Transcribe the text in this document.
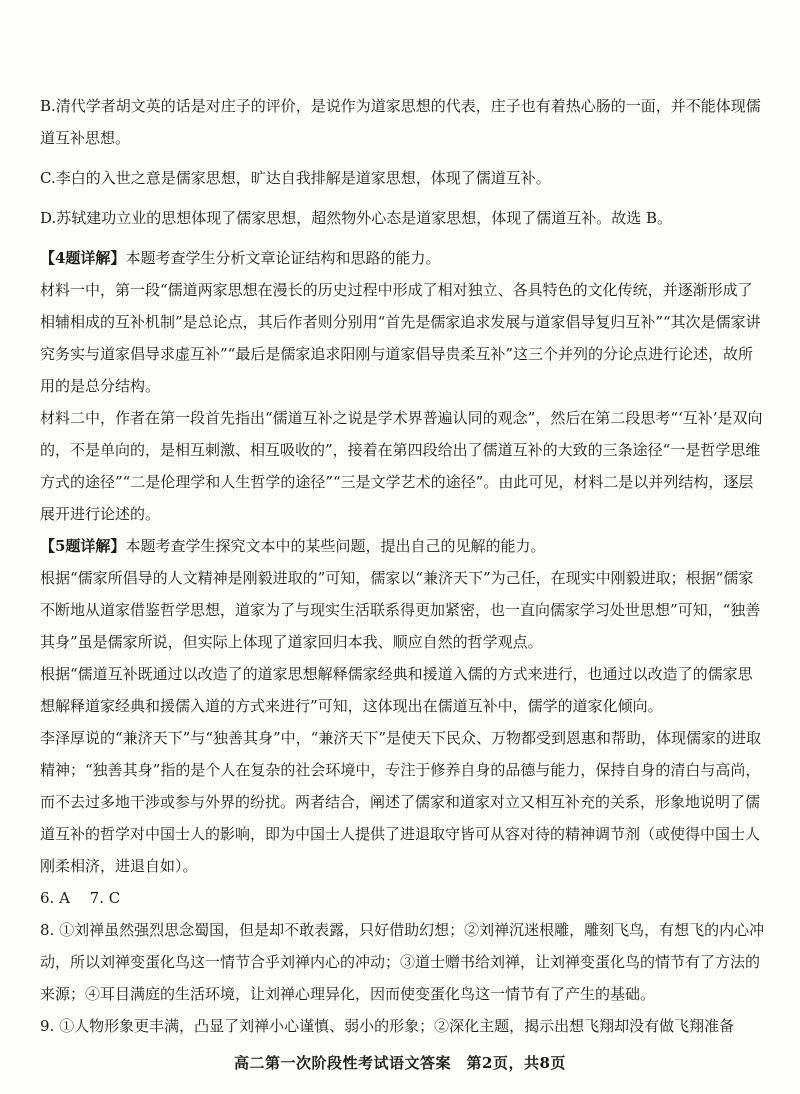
B.清代学者胡文英的话是对庄子的评价，是说作为道家思想的代表，庄子也有着热心肠的一面，并不能体现儒道互补思想。

C.李白的入世之意是儒家思想，旷达自我排解是道家思想，体现了儒道互补。

D.苏轼建功立业的思想体现了儒家思想，超然物外心态是道家思想，体现了儒道互补。故选 B。

【4题详解】本题考查学生分析文章论证结构和思路的能力。

材料一中，第一段“儒道两家思想在漫长的历史过程中形成了相对独立、各具特色的文化传统，并逐渐形成了相辅相成的互补机制”是总论点，其后作者则分别用“首先是儒家追求发展与道家倡导复归互补”“其次是儒家讲究务实与道家倡导求虚互补”“最后是儒家追求阳刚与道家倡导贵柔互补”这三个并列的分论点进行论述，故所用的是总分结构。

材料二中，作者在第一段首先指出“儒道互补之说是学术界普遍认同的观念”，然后在第二段思考“‘互补’是双向的，不是单向的，是相互刺激、相互吸收的”，接着在第四段给出了儒道互补的大致的三条途径“一是哲学思维方式的途径”“二是伦理学和人生哲学的途径”“三是文学艺术的途径”。由此可见，材料二是以并列结构，逐层展开进行论述的。

【5题详解】本题考查学生探究文本中的某些问题，提出自己的见解的能力。

根据“儒家所倡导的人文精神是刚毅进取的”可知，儒家以“兼济天下”为己任，在现实中刚毅进取；根据“儒家不断地从道家借鉴哲学思想，道家为了与现实生活联系得更加紧密，也一直向儒家学习处世思想”可知，“独善其身”虽是儒家所说，但实际上体现了道家回归本我、顺应自然的哲学观点。

根据“儒道互补既通过以改造了的道家思想解释儒家经典和援道入儒的方式来进行，也通过以改造了的儒家思想解释道家经典和援儒入道的方式来进行”可知，这体现出在儒道互补中，儒学的道家化倾向。

李泽厚说的“兼济天下”与“独善其身”中，“兼济天下”是使天下民众、万物都受到恩惠和帮助，体现儒家的进取精神；“独善其身”指的是个人在复杂的社会环境中，专注于修养自身的品德与能力，保持自身的清白与高尚，而不去过多地干涉或参与外界的纷扰。两者结合，阐述了儒家和道家对立又相互补充的关系，形象地说明了儒道互补的哲学对中国士人的影响，即为中国士人提供了进退取守皆可从容对待的精神调节剂（或使得中国士人刚柔相济，进退自如）。

6. A　 7. C

8. ①刘禅虽然强烈思念蜀国，但是却不敢表露，只好借助幻想；②刘禅沉迷根雕，雕刻飞鸟，有想飞的内心冲动，所以刘禅变蛋化鸟这一情节合乎刘禅内心的冲动；③道士赠书给刘禅，让刘禅变蛋化鸟的情节有了方法的来源；④耳目满庭的生活环境，让刘禅心理异化，因而使变蛋化鸟这一情节有了产生的基础。

9. ①人物形象更丰满，凸显了刘禅小心谨慎、弱小的形象；②深化主题，揭示出想飞翔却没有做飞翔准备

高二第一次阶段性考试语文答案　第2页，共8页
